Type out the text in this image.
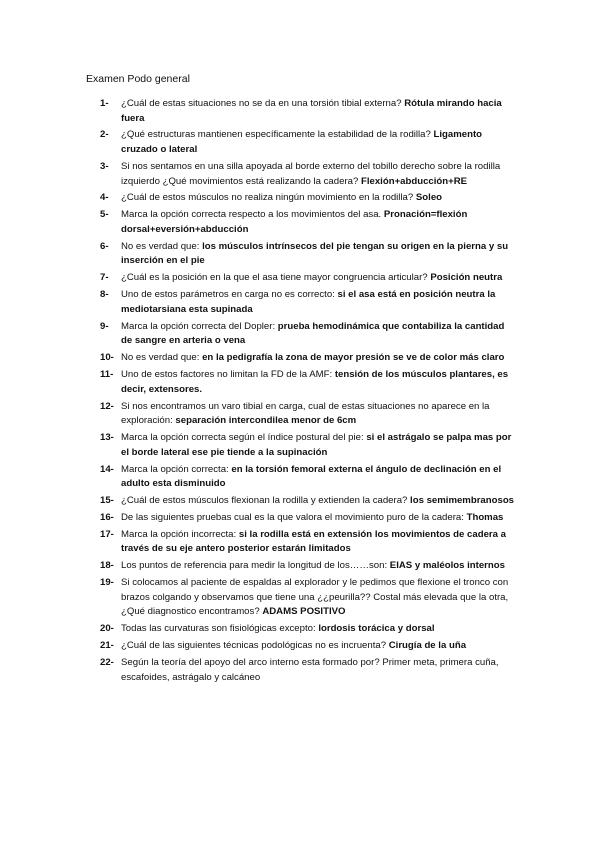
Examen Podo general
1-	¿Cuál de estas situaciones no se da en una torsión tibial externa? Rótula mirando hacia fuera
2-	¿Qué estructuras mantienen específicamente la estabilidad de la rodilla? Ligamento cruzado o lateral
3-	Si nos sentamos en una silla apoyada al borde externo del tobillo derecho sobre la rodilla izquierdo ¿Qué movimientos está realizando la cadera? Flexión+abducción+RE
4-	¿Cuál de estos músculos no realiza ningún movimiento en la rodilla? Soleo
5-	Marca la opción correcta respecto a los movimientos del asa. Pronación=flexión dorsal+eversión+abducción
6-	No es verdad que: los músculos intrínsecos del pie tengan su origen en la pierna y su inserción en el pie
7-	¿Cuál es la posición en la que el asa tiene mayor congruencia articular? Posición neutra
8-	Uno de estos parámetros en carga no es correcto: si el asa está en posición neutra la mediotarsiana esta supinada
9-	Marca la opción correcta del Dopler: prueba hemodinámica que contabiliza la cantidad de sangre en arteria o vena
10- No es verdad que: en la pedigrafía la zona de mayor presión se ve de color más claro
11- Uno de estos factores no limitan la FD de la AMF: tensión de los músculos plantares, es decir, extensores.
12- Si nos encontramos un varo tibial en carga, cual de estas situaciones no aparece en la exploración: separación intercondilea menor de 6cm
13- Marca la opción correcta según el índice postural del pie: si el astrágalo se palpa mas por el borde lateral ese pie tiende a la supinación
14- Marca la opción correcta: en la torsión femoral externa el ángulo de declinación en el adulto esta disminuido
15- ¿Cuál de estos músculos flexionan la rodilla y extienden la cadera? los semimembranosos
16- De las siguientes pruebas cual es la que valora el movimiento puro de la cadera: Thomas
17- Marca la opción incorrecta: si la rodilla está en extensión los movimientos de cadera a través de su eje antero posterior estarán limitados
18- Los puntos de referencia para medir la longitud de los……son: EIAS y maléolos internos
19- Si colocamos al paciente de espaldas al explorador y le pedimos que flexione el tronco con brazos colgando y observamos que tiene una ¿¿peurilla?? Costal más elevada que la otra, ¿Qué diagnostico encontramos? ADAMS POSITIVO
20- Todas las curvaturas son fisiológicas excepto: lordosis torácica y dorsal
21- ¿Cuál de las siguientes técnicas podológicas no es incruenta? Cirugía de la uña
22- Según la teoría del apoyo del arco interno esta formado por? Primer meta, primera cuña, escafoides, astrágalo y calcáneo
